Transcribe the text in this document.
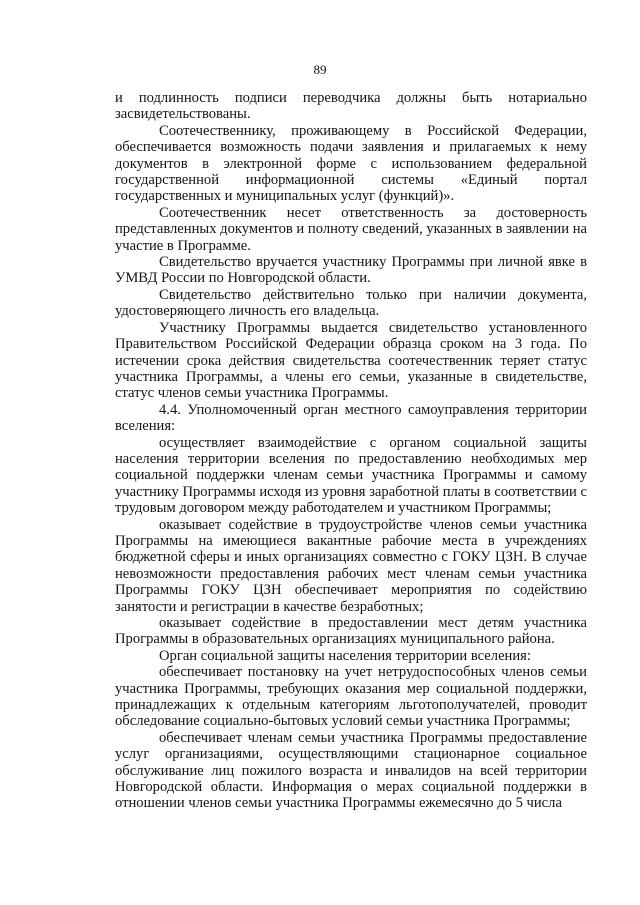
89

и подлинность подписи переводчика должны быть нотариально засвидетельствованы.

Соотечественнику, проживающему в Российской Федерации, обеспечивается возможность подачи заявления и прилагаемых к нему документов в электронной форме с использованием федеральной государственной информационной системы «Единый портал государственных и муниципальных услуг (функций)».

Соотечественник несет ответственность за достоверность представленных документов и полноту сведений, указанных в заявлении на участие в Программе.

Свидетельство вручается участнику Программы при личной явке в УМВД России по Новгородской области.

Свидетельство действительно только при наличии документа, удостоверяющего личность его владельца.

Участнику Программы выдается свидетельство установленного Правительством Российской Федерации образца сроком на 3 года. По истечении срока действия свидетельства соотечественник теряет статус участника Программы, а члены его семьи, указанные в свидетельстве, статус членов семьи участника Программы.

4.4. Уполномоченный орган местного самоуправления территории вселения:

осуществляет взаимодействие с органом социальной защиты населения территории вселения по предоставлению необходимых мер социальной поддержки членам семьи участника Программы и самому участнику Программы исходя из уровня заработной платы в соответствии с трудовым договором между работодателем и участником Программы;

оказывает содействие в трудоустройстве членов семьи участника Программы на имеющиеся вакантные рабочие места в учреждениях бюджетной сферы и иных организациях совместно с ГОКУ ЦЗН. В случае невозможности предоставления рабочих мест членам семьи участника Программы ГОКУ ЦЗН обеспечивает мероприятия по содействию занятости и регистрации в качестве безработных;

оказывает содействие в предоставлении мест детям участника Программы в образовательных организациях муниципального района.

Орган социальной защиты населения территории вселения:

обеспечивает постановку на учет нетрудоспособных членов семьи участника Программы, требующих оказания мер социальной поддержки, принадлежащих к отдельным категориям льготополучателей, проводит обследование социально-бытовых условий семьи участника Программы;

обеспечивает членам семьи участника Программы предоставление услуг организациями, осуществляющими стационарное социальное обслуживание лиц пожилого возраста и инвалидов на всей территории Новгородской области. Информация о мерах социальной поддержки в отношении членов семьи участника Программы ежемесячно до 5 числа
